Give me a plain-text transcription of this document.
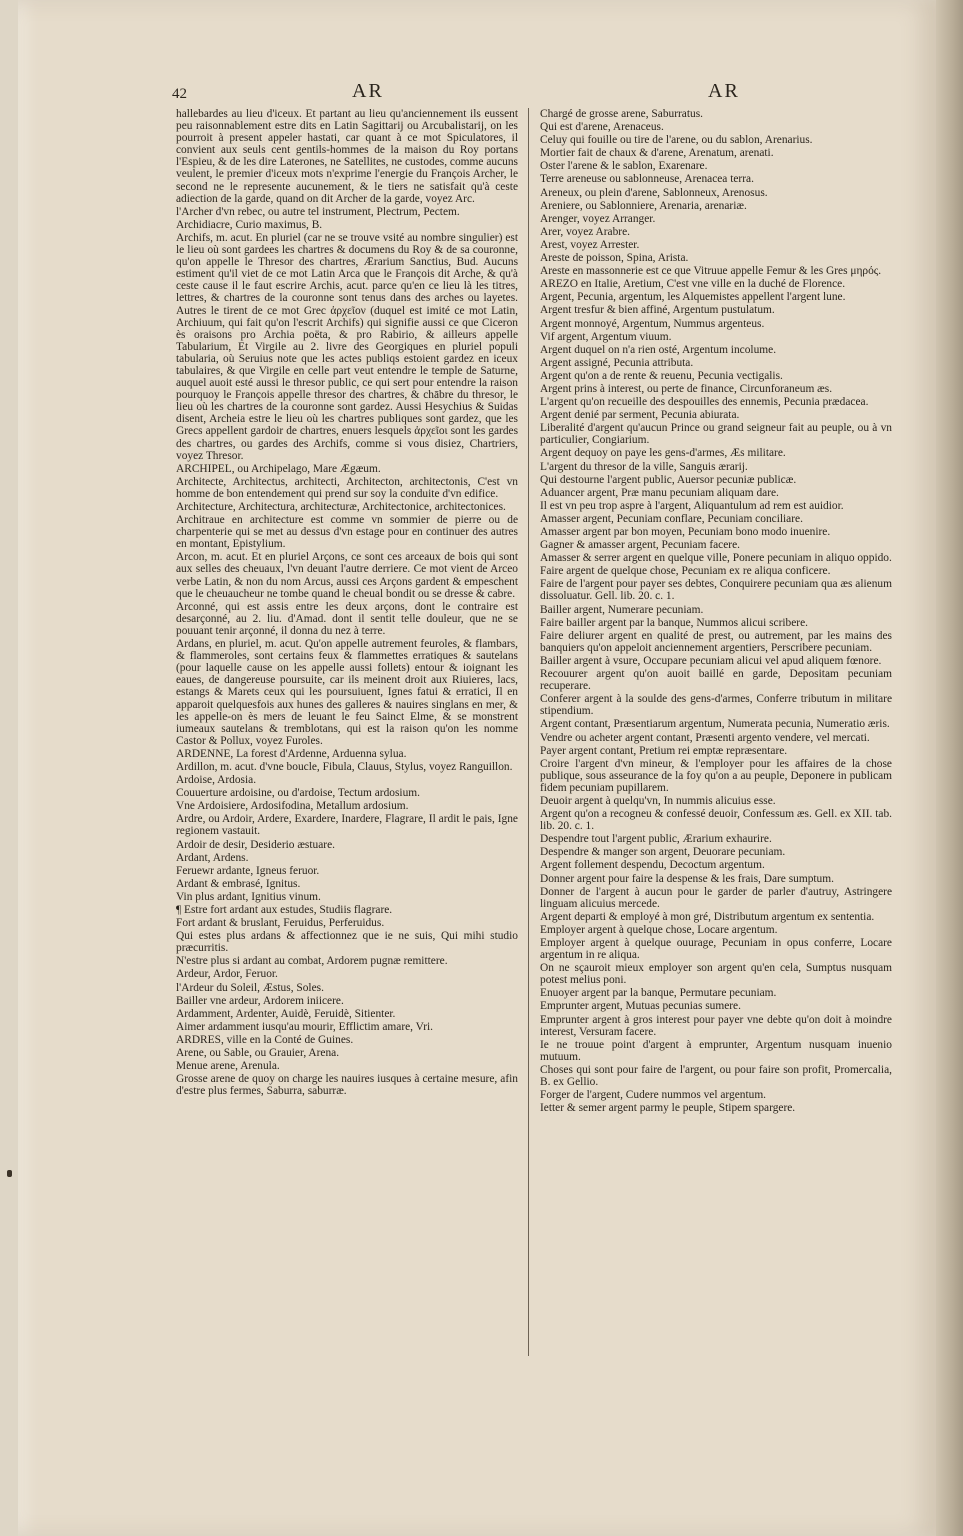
42	AR	AR

hallebardes au lieu d'iceux. Et partant au lieu qu'anciennement ils eussent peu raisonnablement estre dits en Latin Sagittarij ou Arcubalistarij, on les pourroit à present appeler hastati, car quant à ce mot Spiculatores, il convient aux seuls cent gentils-hommes de la maison du Roy portans l'Espieu, & de les dire Laterones, ne Satellites, ne custodes, comme aucuns veulent, le premier d'iceux mots n'exprime l'energie du François Archer, le second ne le represente aucunement, & le tiers ne satisfait qu'à ceste adiection de la garde, quand on dit Archer de la garde, voyez Arc.

l'Archer d'vn rebec, ou autre tel instrument, Plectrum, Pectem.

Archidiacre, Curio maximus, B.

Archifs, m. acut. En pluriel (car ne se trouve vsité au nombre singulier) est le lieu où sont gardees les chartres & documens du Roy & de sa couronne, qu'on appelle le Thresor des chartres, Ærarium Sanctius, Bud. Aucuns estiment qu'il viet de ce mot Latin Arca que le François dit Arche, & qu'à ceste cause il le faut escrire Archis, acut. parce qu'en ce lieu là les titres, lettres, & chartres de la couronne sont tenus dans des arches ou layetes. Autres le tirent de ce mot Grec ἀρχεῖον (duquel est imité ce mot Latin, Archiuum, qui fait qu'on l'escrit Archifs) qui signifie aussi ce que Ciceron ès oraisons pro Archia poëta, & pro Rabirio, & ailleurs appelle Tabularium, Et Virgile au 2. livre des Georgiques en pluriel populi tabularia, où Seruius note que les actes publiqs estoient gardez en iceux tabulaires, & que Virgile en celle part veut entendre le temple de Saturne, auquel auoit esté aussi le thresor public, ce qui sert pour entendre la raison pourquoy le François appelle thresor des chartres, & chābre du thresor, le lieu où les chartres de la couronne sont gardez. Aussi Hesychius & Suidas disent, Archeia estre le lieu où les chartres publiques sont gardez, que les Grecs appellent gardoir de chartres, enuers lesquels ἀρχεῖοι sont les gardes des chartres, ou gardes des Archifs, comme si vous disiez, Chartriers, voyez Thresor.

ARCHIPEL, ou Archipelago, Mare Ægæum.

Architecte, Architectus, architecti, Architecton, architectonis, C'est vn homme de bon entendement qui prend sur soy la conduite d'vn edifice.

Architecture, Architectura, architecturæ, Architectonice, architectonices.

Architraue en architecture est comme vn sommier de pierre ou de charpenterie qui se met au dessus d'vn estage pour en continuer des autres en montant, Epistylium.

Arcon, m. acut. Et en pluriel Arçons, ce sont ces arceaux de bois qui sont aux selles des cheuaux, l'vn deuant l'autre derriere. Ce mot vient de Arceo verbe Latin, & non du nom Arcus, aussi ces Arçons gardent & empeschent que le cheuaucheur ne tombe quand le cheual bondit ou se dresse & cabre.

Arconné, qui est assis entre les deux arçons, dont le contraire est desarçonné, au 2. liu. d'Amad. dont il sentit telle douleur, que ne se pouuant tenir arçonné, il donna du nez à terre.

Ardans, en pluriel, m. acut. Qu'on appelle autrement feuroles, & flambars, & flammeroles, sont certains feux & flammettes erratiques & sautelans (pour laquelle cause on les appelle aussi follets) entour & ioignant les eaues, de dangereuse poursuite, car ils meinent droit aux Riuieres, lacs, estangs & Marets ceux qui les poursuiuent, Ignes fatui & erratici, Il en apparoit quelquesfois aux hunes des galleres & nauires singlans en mer, & les appelle-on ès mers de leuant le feu Sainct Elme, & se monstrent iumeaux sautelans & tremblotans, qui est la raison qu'on les nomme Castor & Pollux, voyez Furoles.

ARDENNE, La forest d'Ardenne, Arduenna sylua.

Ardillon, m. acut. d'vne boucle, Fibula, Clauus, Stylus, voyez Ranguillon.

Ardoise, Ardosia.

Couuerture ardoisine, ou d'ardoise, Tectum ardosium.

Vne Ardoisiere, Ardosifodina, Metallum ardosium.

Ardre, ou Ardoir, Ardere, Exardere, Inardere, Flagrare, Il ardit le pais, Igne regionem vastauit.

Ardoir de desir, Desiderio æstuare.

Ardant, Ardens.

Feruewr ardante, Igneus feruor.

Ardant & embrasé, Ignitus.

Vin plus ardant, Ignitius vinum.

¶ Estre fort ardant aux estudes, Studiis flagrare.

Fort ardant & bruslant, Feruidus, Perferuidus.

Qui estes plus ardans & affectionnez que ie ne suis, Qui mihi studio præcurritis.

N'estre plus si ardant au combat, Ardorem pugnæ remittere.

Ardeur, Ardor, Feruor.

l'Ardeur du Soleil, Æstus, Soles.

Bailler vne ardeur, Ardorem iniicere.

Ardamment, Ardenter, Auidè, Feruidè, Sitienter.

Aimer ardamment iusqu'au mourir, Efflictim amare, Vri.

ARDRES, ville en la Conté de Guines.

Arene, ou Sable, ou Grauier, Arena.

Menue arene, Arenula.

Grosse arene de quoy on charge les nauires iusques à certaine mesure, afin d'estre plus fermes, Saburra, saburræ.

Chargé de grosse arene, Saburratus.

Qui est d'arene, Arenaceus.

Celuy qui fouille ou tire de l'arene, ou du sablon, Arenarius.

Mortier fait de chaux & d'arene, Arenatum, arenati.

Oster l'arene & le sablon, Exarenare.

Terre areneuse ou sablonneuse, Arenacea terra.

Areneux, ou plein d'arene, Sablonneux, Arenosus.

Areniere, ou Sablonniere, Arenaria, arenariæ.

Arenger, voyez Arranger.

Arer, voyez Arabre.

Arest, voyez Arrester.

Areste de poisson, Spina, Arista.

Areste en massonnerie est ce que Vitruue appelle Femur & les Gres μηρός.

AREZO en Italie, Aretium, C'est vne ville en la duché de Florence.

Argent, Pecunia, argentum, les Alquemistes appellent l'argent lune.

Argent tresfur & bien affiné, Argentum pustulatum.

Argent monnoyé, Argentum, Nummus argenteus.

Vif argent, Argentum viuum.

Argent duquel on n'a rien osté, Argentum incolume.

Argent assigné, Pecunia attributa.

Argent qu'on a de rente & reuenu, Pecunia vectigalis.

Argent prins à interest, ou perte de finance, Circunforaneum æs.

L'argent qu'on recueille des despouilles des ennemis, Pecunia prædacea.

Argent denié par serment, Pecunia abiurata.

Liberalité d'argent qu'aucun Prince ou grand seigneur fait au peuple, ou à vn particulier, Congiarium.

Argent dequoy on paye les gens-d'armes, Æs militare.

L'argent du thresor de la ville, Sanguis ærarij.

Qui destourne l'argent public, Auersor pecuniæ publicæ.

Aduancer argent, Præ manu pecuniam aliquam dare.

Il est vn peu trop aspre à l'argent, Aliquantulum ad rem est auidior.

Amasser argent, Pecuniam conflare, Pecuniam conciliare.

Amasser argent par bon moyen, Pecuniam bono modo inuenire.

Gagner & amasser argent, Pecuniam facere.

Amasser & serrer argent en quelque ville, Ponere pecuniam in aliquo oppido.

Faire argent de quelque chose, Pecuniam ex re aliqua conficere.

Faire de l'argent pour payer ses debtes, Conquirere pecuniam qua æs alienum dissoluatur. Gell. lib. 20. c. 1.

Bailler argent, Numerare pecuniam.

Faire bailler argent par la banque, Nummos alicui scribere.

Faire deliurer argent en qualité de prest, ou autrement, par les mains des banquiers qu'on appeloit anciennement argentiers, Perscribere pecuniam.

Bailler argent à vsure, Occupare pecuniam alicui vel apud aliquem fœnore.

Recouurer argent qu'on auoit baillé en garde, Depositam pecuniam recuperare.

Conferer argent à la soulde des gens-d'armes, Conferre tributum in militare stipendium.

Argent contant, Præsentiarum argentum, Numerata pecunia, Numeratio æris.

Vendre ou acheter argent contant, Præsenti argento vendere, vel mercati.

Payer argent contant, Pretium rei emptæ repræsentare.

Croire l'argent d'vn mineur, & l'employer pour les affaires de la chose publique, sous asseurance de la foy qu'on a au peuple, Deponere in publicam fidem pecuniam pupillarem.

Deuoir argent à quelqu'vn, In nummis alicuius esse.

Argent qu'on a recogneu & confessé deuoir, Confessum æs. Gell. ex XII. tab. lib. 20. c. 1.

Despendre tout l'argent public, Ærarium exhaurire.

Despendre & manger son argent, Deuorare pecuniam.

Argent follement despendu, Decoctum argentum.

Donner argent pour faire la despense & les frais, Dare sumptum.

Donner de l'argent à aucun pour le garder de parler d'autruy, Astringere linguam alicuius mercede.

Argent departi & employé à mon gré, Distributum argentum ex sententia.

Employer argent à quelque chose, Locare argentum.

Employer argent à quelque ouurage, Pecuniam in opus conferre, Locare argentum in re aliqua.

On ne sçauroit mieux employer son argent qu'en cela, Sumptus nusquam potest melius poni.

Enuoyer argent par la banque, Permutare pecuniam.

Emprunter argent, Mutuas pecunias sumere.

Emprunter argent à gros interest pour payer vne debte qu'on doit à moindre interest, Versuram facere.

Ie ne trouue point d'argent à emprunter, Argentum nusquam inuenio mutuum.

Choses qui sont pour faire de l'argent, ou pour faire son profit, Promercalia, B. ex Gellio.

Forger de l'argent, Cudere nummos vel argentum.

Ietter & semer argent parmy le peuple, Stipem spargere.
